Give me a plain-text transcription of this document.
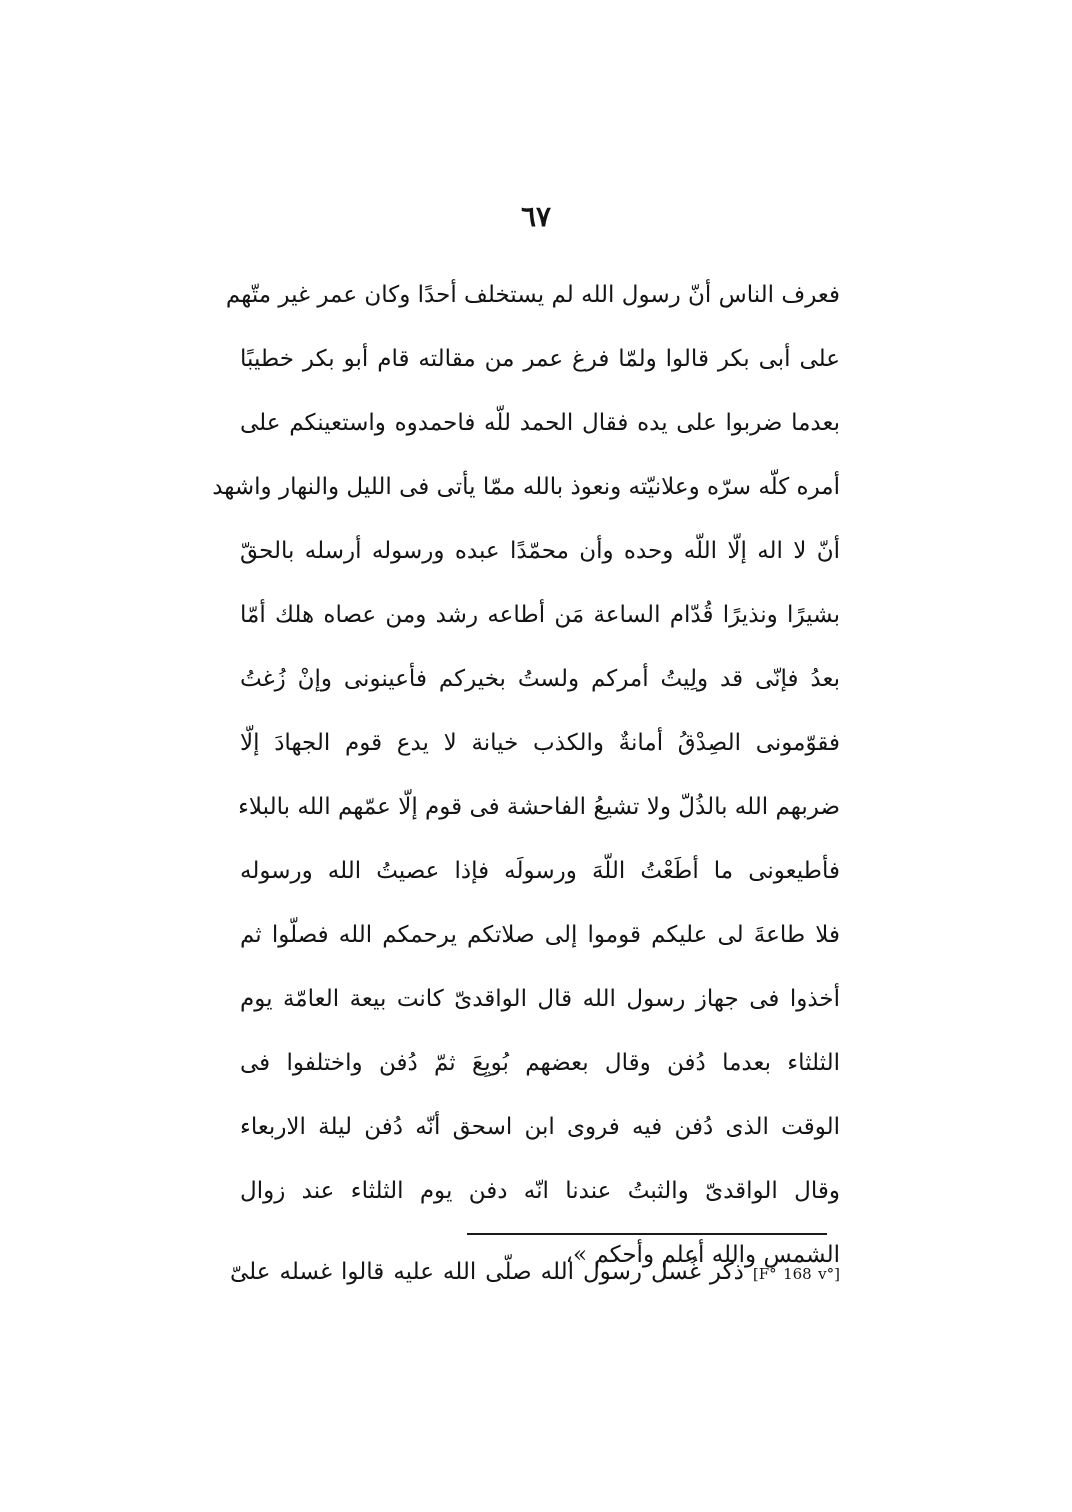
٦٧
فعرف الناس أنّ رسول الله لم يستخلف أحدًا وكان عمر غير متّهم
على أبى بكر قالوا ولمّا فرغ عمر من مقالته قام أبو بكر خطيبًا
بعدما ضربوا على يده فقال الحمد للّه فاحمدوه واستعينكم على
أمره كلّه سرّه وعلانيّته ونعوذ بالله ممّا يأتى فى الليل والنهار واشهد
أنّ لا اله إلّا اللّه وحده وأن محمّدًا عبده ورسوله أرسله بالحقّ
بشيرًا ونذيرًا قُدّام الساعة مَن أطاعه رشد ومن عصاه هلك أمّا
بعدُ فإنّى قد ولِيتُ أمركم ولستُ بخيركم فأعينونى وإنْ زُغتُ
فقوّمونى الصِدْقُ أمانةٌ والكذب خيانة لا يدع قوم الجهادَ إلّا
ضربهم الله بالذُلّ ولا تشيعُ الفاحشة فى قوم إلّا عمّهم الله بالبلاء
فأطيعونى ما أطَعْتُ اللّهَ ورسولَه فإذا عصيتُ الله ورسوله
فلا طاعةَ لى عليكم قوموا إلى صلاتكم يرحمكم الله فصلّوا ثم
أخذوا فى جهاز رسول الله قال الواقدىّ كانت بيعة العامّة يوم
الثلثاء بعدما دُفن وقال بعضهم بُويِعَ ثمّ دُفن واختلفوا فى
الوقت الذى دُفن فيه فروى ابن اسحق أنّه دُفن ليلة الاربعاء
وقال الواقدىّ والثبتُ عندنا انّه دفن يوم الثلثاء عند زوال
الشمس والله أعلم وأحكم »،
[F° 168 v°] ذكر غُسل رسول الله صلّى الله عليه قالوا غسله علىّ
